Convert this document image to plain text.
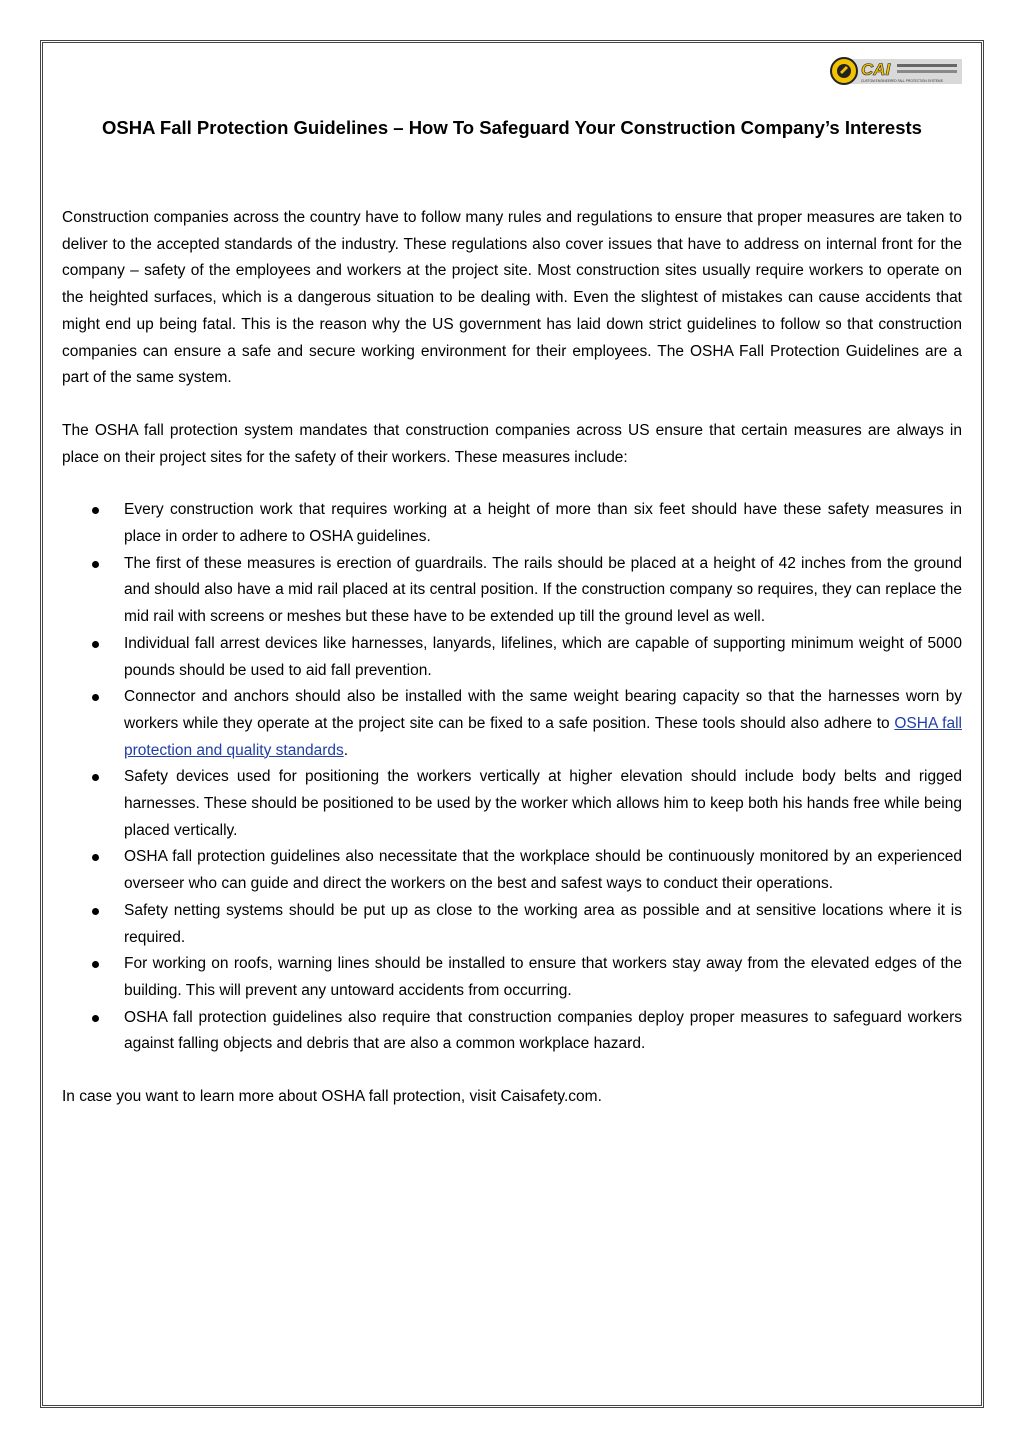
CAI
CUSTOM ENGINEERED FALL PROTECTION SYSTEMS
OSHA Fall Protection Guidelines – How To Safeguard Your Construction Company’s Interests

Construction companies across the country have to follow many rules and regulations to ensure that proper measures are taken to deliver to the accepted standards of the industry. These regulations also cover issues that have to address on internal front for the company – safety of the employees and workers at the project site. Most construction sites usually require workers to operate on the heighted surfaces, which is a dangerous situation to be dealing with. Even the slightest of mistakes can cause accidents that might end up being fatal. This is the reason why the US government has laid down strict guidelines to follow so that construction companies can ensure a safe and secure working environment for their employees. The OSHA Fall Protection Guidelines are a part of the same system.

The OSHA fall protection system mandates that construction companies across US ensure that certain measures are always in place on their project sites for the safety of their workers. These measures include:

Every construction work that requires working at a height of more than six feet should have these safety measures in place in order to adhere to OSHA guidelines.
The first of these measures is erection of guardrails. The rails should be placed at a height of 42 inches from the ground and should also have a mid rail placed at its central position. If the construction company so requires, they can replace the mid rail with screens or meshes but these have to be extended up till the ground level as well.
Individual fall arrest devices like harnesses, lanyards, lifelines, which are capable of supporting minimum weight of 5000 pounds should be used to aid fall prevention.
Connector and anchors should also be installed with the same weight bearing capacity so that the harnesses worn by workers while they operate at the project site can be fixed to a safe position. These tools should also adhere to OSHA fall protection and quality standards.
Safety devices used for positioning the workers vertically at higher elevation should include body belts and rigged harnesses. These should be positioned to be used by the worker which allows him to keep both his hands free while being placed vertically.
OSHA fall protection guidelines also necessitate that the workplace should be continuously monitored by an experienced overseer who can guide and direct the workers on the best and safest ways to conduct their operations.
Safety netting systems should be put up as close to the working area as possible and at sensitive locations where it is required.
For working on roofs, warning lines should be installed to ensure that workers stay away from the elevated edges of the building. This will prevent any untoward accidents from occurring.
OSHA fall protection guidelines also require that construction companies deploy proper measures to safeguard workers against falling objects and debris that are also a common workplace hazard.

In case you want to learn more about OSHA fall protection, visit Caisafety.com.
